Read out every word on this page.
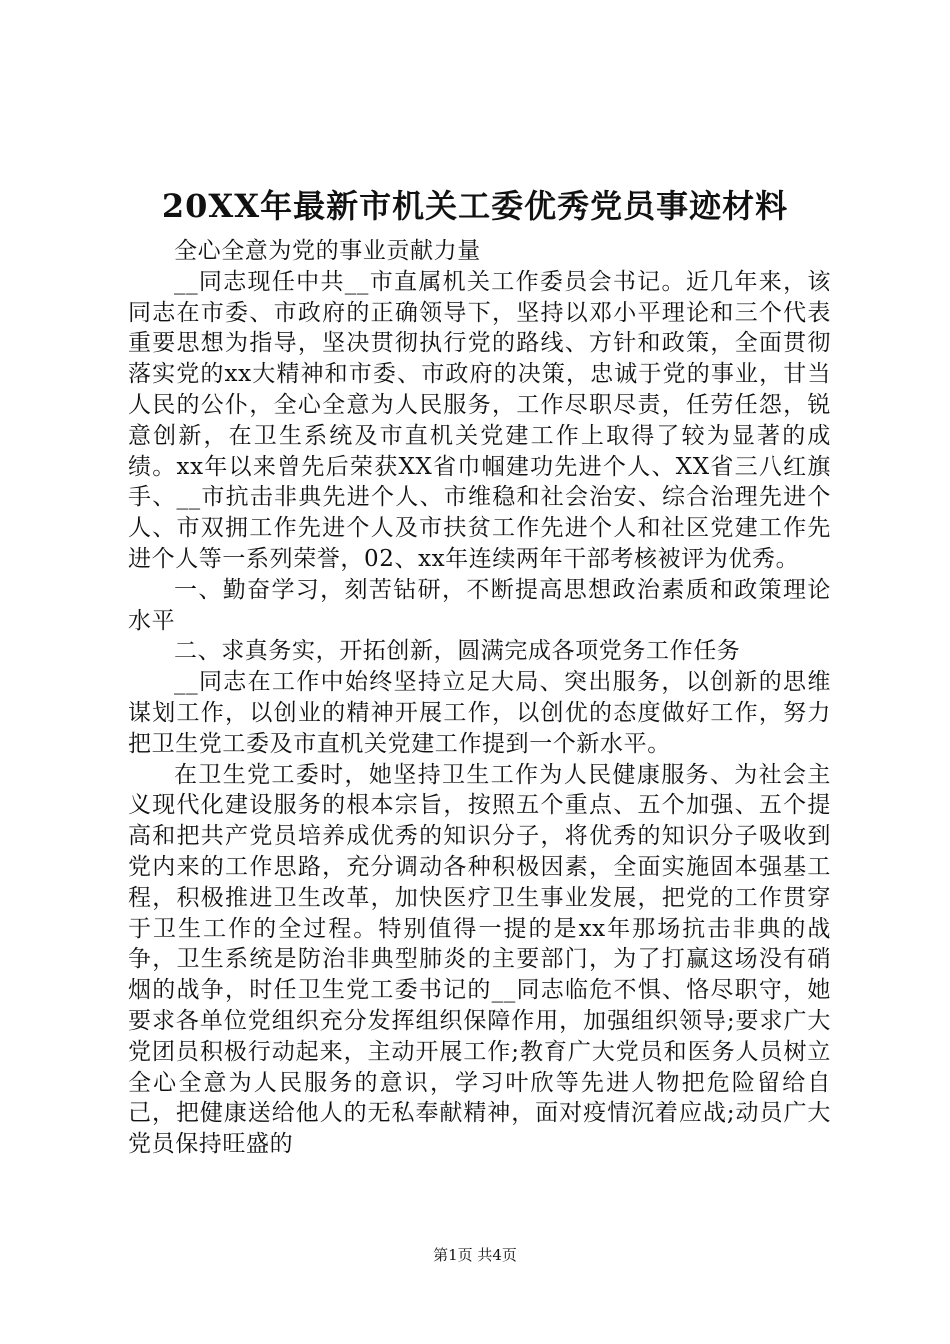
20XX年最新市机关工委优秀党员事迹材料

全心全意为党的事业贡献力量

__同志现任中共__市直属机关工作委员会书记。近几年来，该同志在市委、市政府的正确领导下，坚持以邓小平理论和三个代表重要思想为指导，坚决贯彻执行党的路线、方针和政策，全面贯彻落实党的xx大精神和市委、市政府的决策，忠诚于党的事业，甘当人民的公仆，全心全意为人民服务，工作尽职尽责，任劳任怨，锐意创新，在卫生系统及市直机关党建工作上取得了较为显著的成绩。xx年以来曾先后荣获XX省巾帼建功先进个人、XX省三八红旗手、__市抗击非典先进个人、市维稳和社会治安、综合治理先进个人、市双拥工作先进个人及市扶贫工作先进个人和社区党建工作先进个人等一系列荣誉，02、xx年连续两年干部考核被评为优秀。

一、勤奋学习，刻苦钻研，不断提高思想政治素质和政策理论水平

二、求真务实，开拓创新，圆满完成各项党务工作任务

__同志在工作中始终坚持立足大局、突出服务，以创新的思维谋划工作，以创业的精神开展工作，以创优的态度做好工作，努力把卫生党工委及市直机关党建工作提到一个新水平。

在卫生党工委时，她坚持卫生工作为人民健康服务、为社会主义现代化建设服务的根本宗旨，按照五个重点、五个加强、五个提高和把共产党员培养成优秀的知识分子，将优秀的知识分子吸收到党内来的工作思路，充分调动各种积极因素，全面实施固本强基工程，积极推进卫生改革，加快医疗卫生事业发展，把党的工作贯穿于卫生工作的全过程。特别值得一提的是xx年那场抗击非典的战争，卫生系统是防治非典型肺炎的主要部门，为了打赢这场没有硝烟的战争，时任卫生党工委书记的__同志临危不惧、恪尽职守，她要求各单位党组织充分发挥组织保障作用，加强组织领导;要求广大党团员积极行动起来，主动开展工作;教育广大党员和医务人员树立全心全意为人民服务的意识，学习叶欣等先进人物把危险留给自己，把健康送给他人的无私奉献精神，面对疫情沉着应战;动员广大党员保持旺盛的

第1页 共4页
